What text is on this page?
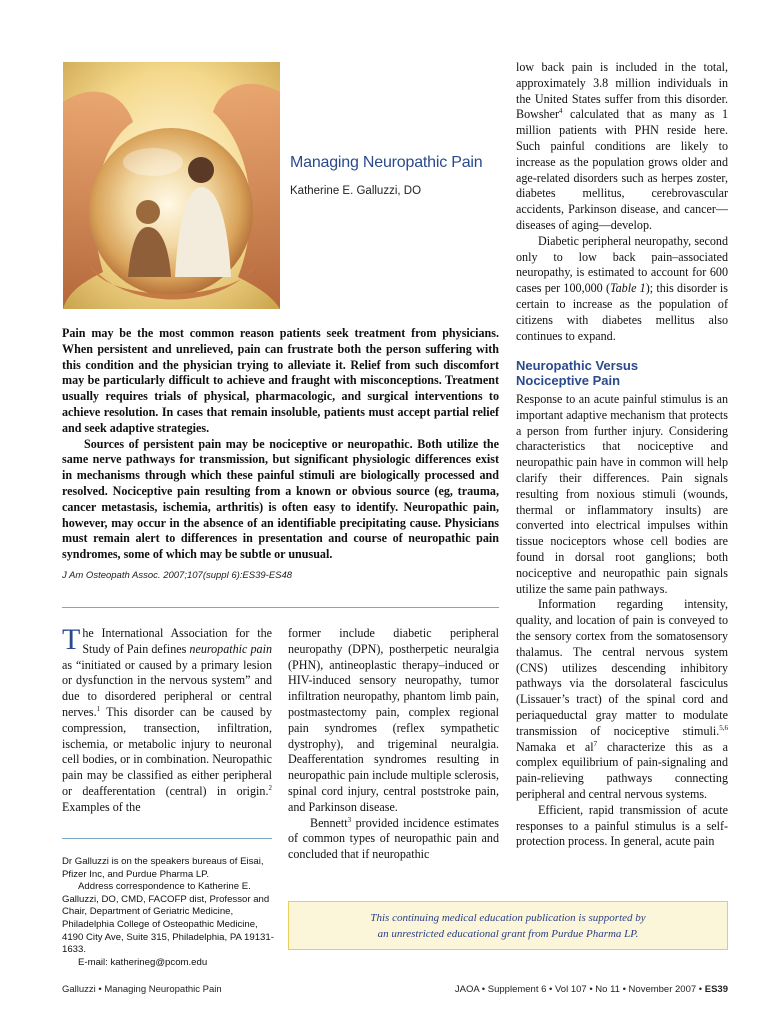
Managing Neuropathic Pain
Katherine E. Galluzzi, DO

Pain may be the most common reason patients seek treatment from physicians. When persistent and unrelieved, pain can frustrate both the person suffering with this condition and the physician trying to alleviate it. Relief from such discomfort may be particularly difficult to achieve and fraught with misconceptions. Treatment usually requires trials of physical, pharmacologic, and surgical interventions to achieve resolution. In cases that remain insoluble, patients must accept partial relief and seek adaptive strategies.

Sources of persistent pain may be nociceptive or neuropathic. Both utilize the same nerve pathways for transmission, but significant physiologic differences exist in mechanisms through which these painful stimuli are biologically processed and resolved. Nociceptive pain resulting from a known or obvious source (eg, trauma, cancer metastasis, ischemia, arthritis) is often easy to identify. Neuropathic pain, however, may occur in the absence of an identifiable precipitating cause. Physicians must remain alert to differences in presentation and course of neuropathic pain syndromes, some of which may be subtle or unusual.

J Am Osteopath Assoc. 2007;107(suppl 6):ES39-ES48

The International Association for the Study of Pain defines neuropathic pain as “initiated or caused by a primary lesion or dysfunction in the nervous system” and due to disordered peripheral or central nerves.$^1$ This disorder can be caused by compression, transection, infiltration, ischemia, or metabolic injury to neuronal cell bodies, or in combination. Neuropathic pain may be classified as either peripheral or deafferentation (central) in origin.$^2$ Examples of the

Dr Galluzzi is on the speakers bureaus of Eisai, Pfizer Inc, and Purdue Pharma LP.

Address correspondence to Katherine E. Galluzzi, DO, CMD, FACOFP dist, Professor and Chair, Department of Geriatric Medicine, Philadelphia College of Osteopathic Medicine, 4190 City Ave, Suite 315, Philadelphia, PA 19131-1633.

E-mail: katherineg@pcom.edu

former include diabetic peripheral neuropathy (DPN), postherpetic neuralgia (PHN), antineoplastic therapy–induced or HIV-induced sensory neuropathy, tumor infiltration neuropathy, phantom limb pain, postmastectomy pain, complex regional pain syndromes (reflex sympathetic dystrophy), and trigeminal neuralgia. Deafferentation syndromes resulting in neuropathic pain include multiple sclerosis, spinal cord injury, central poststroke pain, and Parkinson disease.

Bennett$^3$ provided incidence estimates of common types of neuropathic pain and concluded that if neuropathic

low back pain is included in the total, approximately 3.8 million individuals in the United States suffer from this disorder. Bowsher$^4$ calculated that as many as 1 million patients with PHN reside here. Such painful conditions are likely to increase as the population grows older and age-related disorders such as herpes zoster, diabetes mellitus, cerebrovascular accidents, Parkinson disease, and cancer—diseases of aging—develop.

Diabetic peripheral neuropathy, second only to low back pain–associated neuropathy, is estimated to account for 600 cases per 100,000 (Table 1); this disorder is certain to increase as the population of citizens with diabetes mellitus also continues to expand.

Neuropathic Versus
Nociceptive Pain

Response to an acute painful stimulus is an important adaptive mechanism that protects a person from further injury. Considering characteristics that nociceptive and neuropathic pain have in common will help clarify their differences. Pain signals resulting from noxious stimuli (wounds, thermal or inflammatory insults) are converted into electrical impulses within tissue nociceptors whose cell bodies are found in dorsal root ganglions; both nociceptive and neuropathic pain signals utilize the same pain pathways.

Information regarding intensity, quality, and location of pain is conveyed to the sensory cortex from the somatosensory thalamus. The central nervous system (CNS) utilizes descending inhibitory pathways via the dorsolateral fasciculus (Lissauer’s tract) of the spinal cord and periaqueductal gray matter to modulate transmission of nociceptive stimuli.$^{5,6}$ Namaka et $al^7$ characterize this as a complex equilibrium of pain-signaling and pain-relieving pathways connecting peripheral and central nervous systems.

Efficient, rapid transmission of acute responses to a painful stimulus is a self-protection process. In general, acute pain

This continuing medical education publication is supported by
an unrestricted educational grant from Purdue Pharma LP.
Galluzzi • Managing Neuropathic Pain	JAOA • Supplement 6 • Vol 107 • No 11 • November 2007 • ES39
